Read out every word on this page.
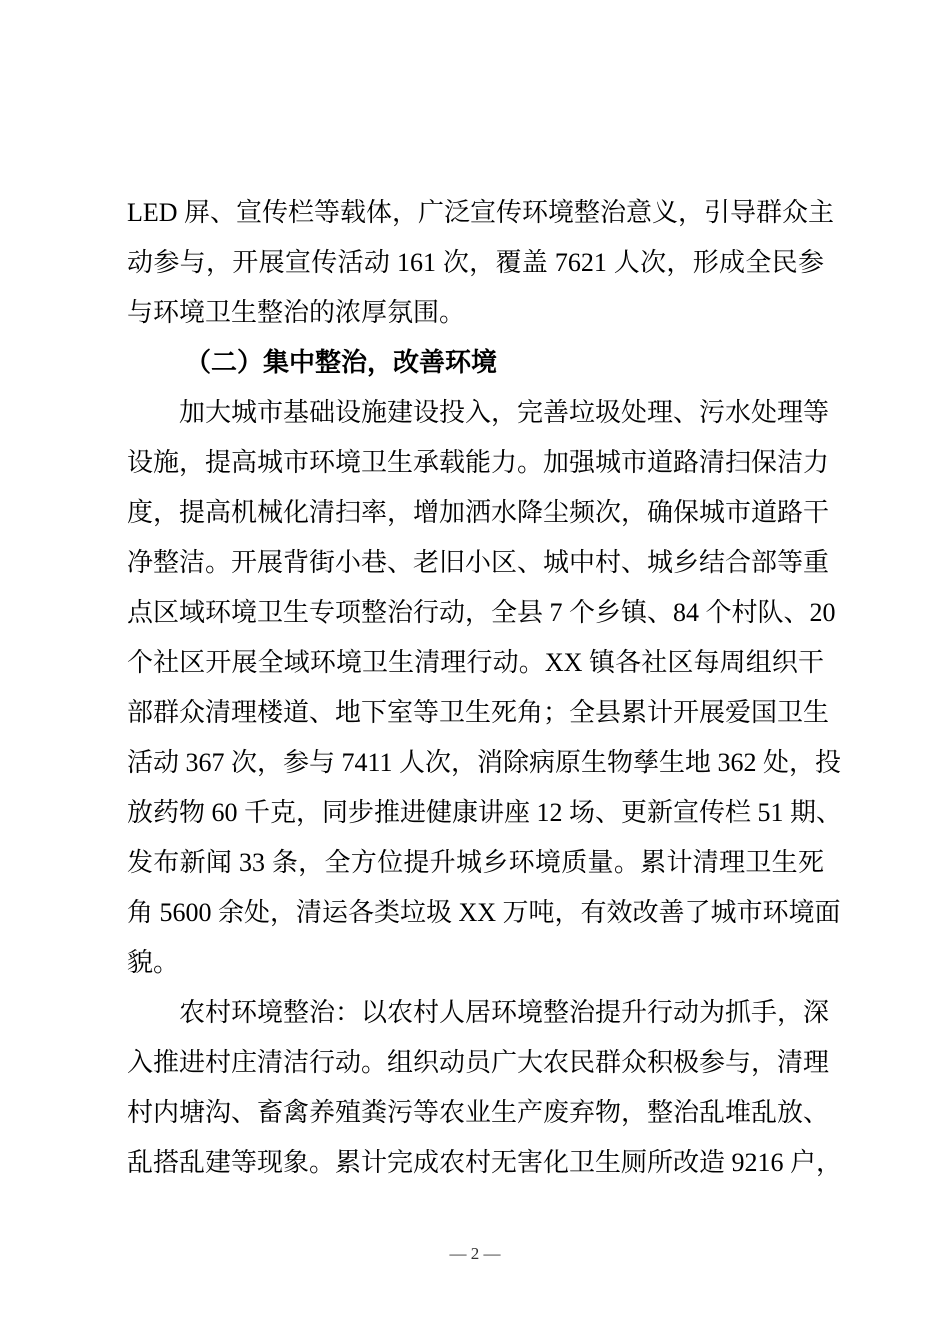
LED 屏、宣传栏等载体，广泛宣传环境整治意义，引导群众主
动参与，开展宣传活动 161 次，覆盖 7621 人次，形成全民参
与环境卫生整治的浓厚氛围。
（二）集中整治，改善环境
加大城市基础设施建设投入，完善垃圾处理、污水处理等
设施，提高城市环境卫生承载能力。加强城市道路清扫保洁力
度，提高机械化清扫率，增加洒水降尘频次，确保城市道路干
净整洁。开展背街小巷、老旧小区、城中村、城乡结合部等重
点区域环境卫生专项整治行动，全县 7 个乡镇、84 个村队、20
个社区开展全域环境卫生清理行动。XX 镇各社区每周组织干
部群众清理楼道、地下室等卫生死角；全县累计开展爱国卫生
活动 367 次，参与 7411 人次，消除病原生物孳生地 362 处，投
放药物 60 千克，同步推进健康讲座 12 场、更新宣传栏 51 期、
发布新闻 33 条，全方位提升城乡环境质量。累计清理卫生死
角 5600 余处，清运各类垃圾 XX 万吨，有效改善了城市环境面
貌。
农村环境整治：以农村人居环境整治提升行动为抓手，深
入推进村庄清洁行动。组织动员广大农民群众积极参与，清理
村内塘沟、畜禽养殖粪污等农业生产废弃物，整治乱堆乱放、
乱搭乱建等现象。累计完成农村无害化卫生厕所改造 9216 户，
— 2 —
